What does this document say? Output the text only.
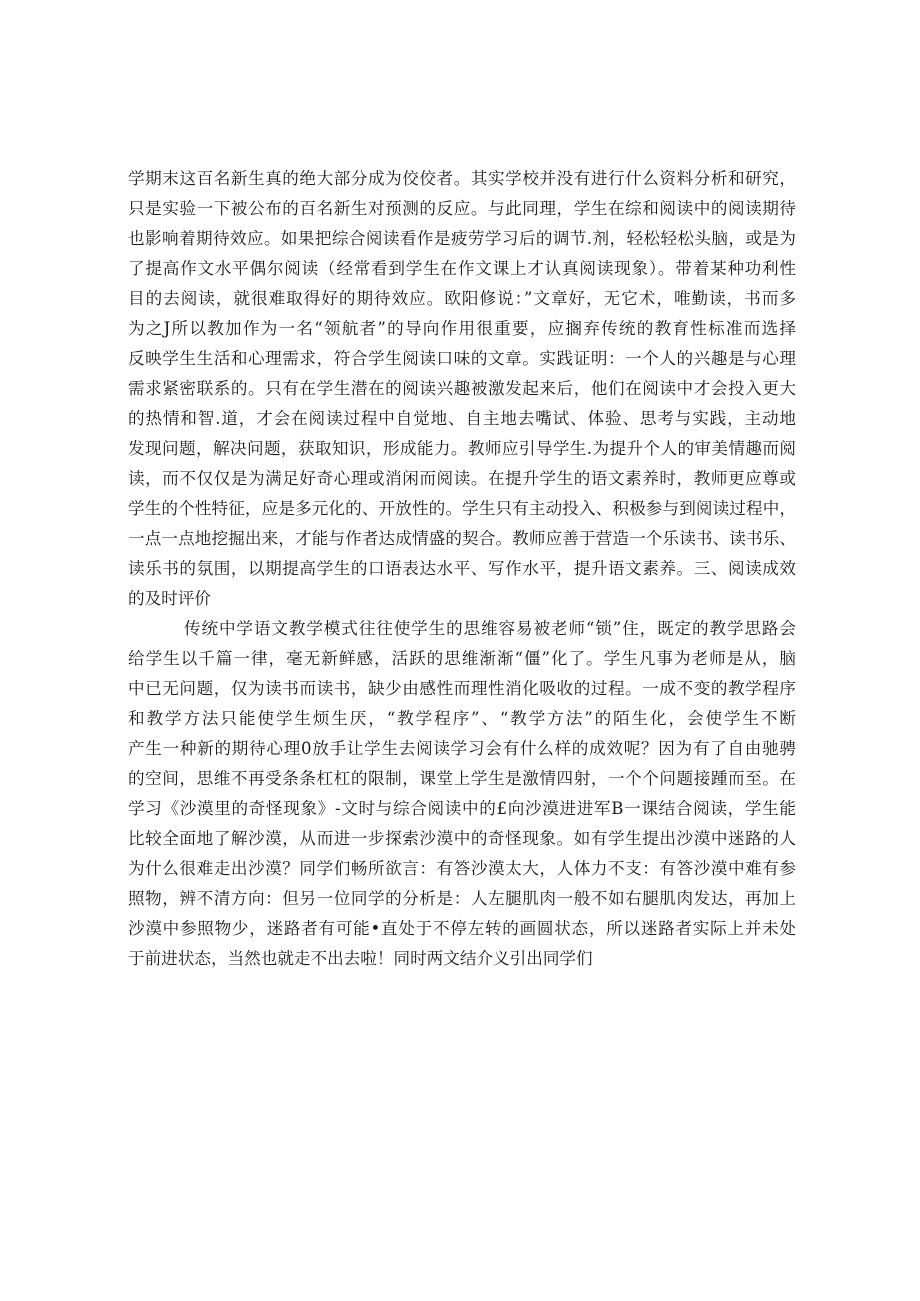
学期末这百名新生真的绝大部分成为佼佼者。其实学校并没有进行什么资料分析和研究，
只是实验一下被公布的百名新生对预测的反应。与此同理，学生在综和阅读中的阅读期待
也影响着期待效应。如果把综合阅读看作是疲劳学习后的调节.剂，轻松轻松头脑，或是为
了提高作文水平偶尔阅读（经常看到学生在作文课上才认真阅读现象）。带着某种功利性
目的去阅读，就很难取得好的期待效应。欧阳修说：”文章好，无它术，唯勤读，书而多
为之J所以教加作为一名“领航者”的导向作用很重要，应搁弃传统的教育性标准而选择
反映学生生活和心理需求，符合学生阅读口味的文章。实践证明：一个人的兴趣是与心理
需求紧密联系的。只有在学生潜在的阅读兴趣被激发起来后，他们在阅读中才会投入更大
的热情和智.道，才会在阅读过程中自觉地、自主地去嘴试、体验、思考与实践，主动地
发现问题，解决问题，获取知识，形成能力。教师应引导学生.为提升个人的审美情趣而阅
读，而不仅仅是为满足好奇心理或消闲而阅读。在提升学生的语文素养时，教师更应尊或
学生的个性特征，应是多元化的、开放性的。学生只有主动投入、积极参与到阅读过程中，
一点一点地挖掘出来，才能与作者达成情盛的契合。教师应善于营造一个乐读书、读书乐、
读乐书的氛围，以期提高学生的口语表达水平、写作水平，提升语文素养。三、阅读成效
的及时评价
传统中学语文教学模式往往使学生的思维容易被老师“锁”住，既定的教学思路会
给学生以千篇一律，毫无新鲜感，活跃的思维渐渐“僵”化了。学生凡事为老师是从，脑
中已无问题，仅为读书而读书，缺少由感性而理性消化吸收的过程。一成不变的教学程序
和教学方法只能使学生烦生厌，“教学程序”、“教学方法”的陌生化，会使学生不断
产生一种新的期待心理0放手让学生去阅读学习会有什么样的成效呢？因为有了自由驰骋
的空间，思维不再受条条杠杠的限制，课堂上学生是激情四射，一个个问题接踵而至。在
学习《沙漠里的奇怪现象》-文时与综合阅读中的£向沙漠进进军B一课结合阅读，学生能
比较全面地了解沙漠，从而进一步探索沙漠中的奇怪现象。如有学生提出沙漠中迷路的人
为什么很难走出沙漠？同学们畅所欲言：有答沙漠太大，人体力不支：有答沙漠中难有参
照物，辨不清方向：但另一位同学的分析是：人左腿肌肉一般不如右腿肌肉发达，再加上
沙漠中参照物少，迷路者有可能•直处于不停左转的画圆状态，所以迷路者实际上并未处
于前进状态，当然也就走不出去啦！同时两文结介义引出同学们
